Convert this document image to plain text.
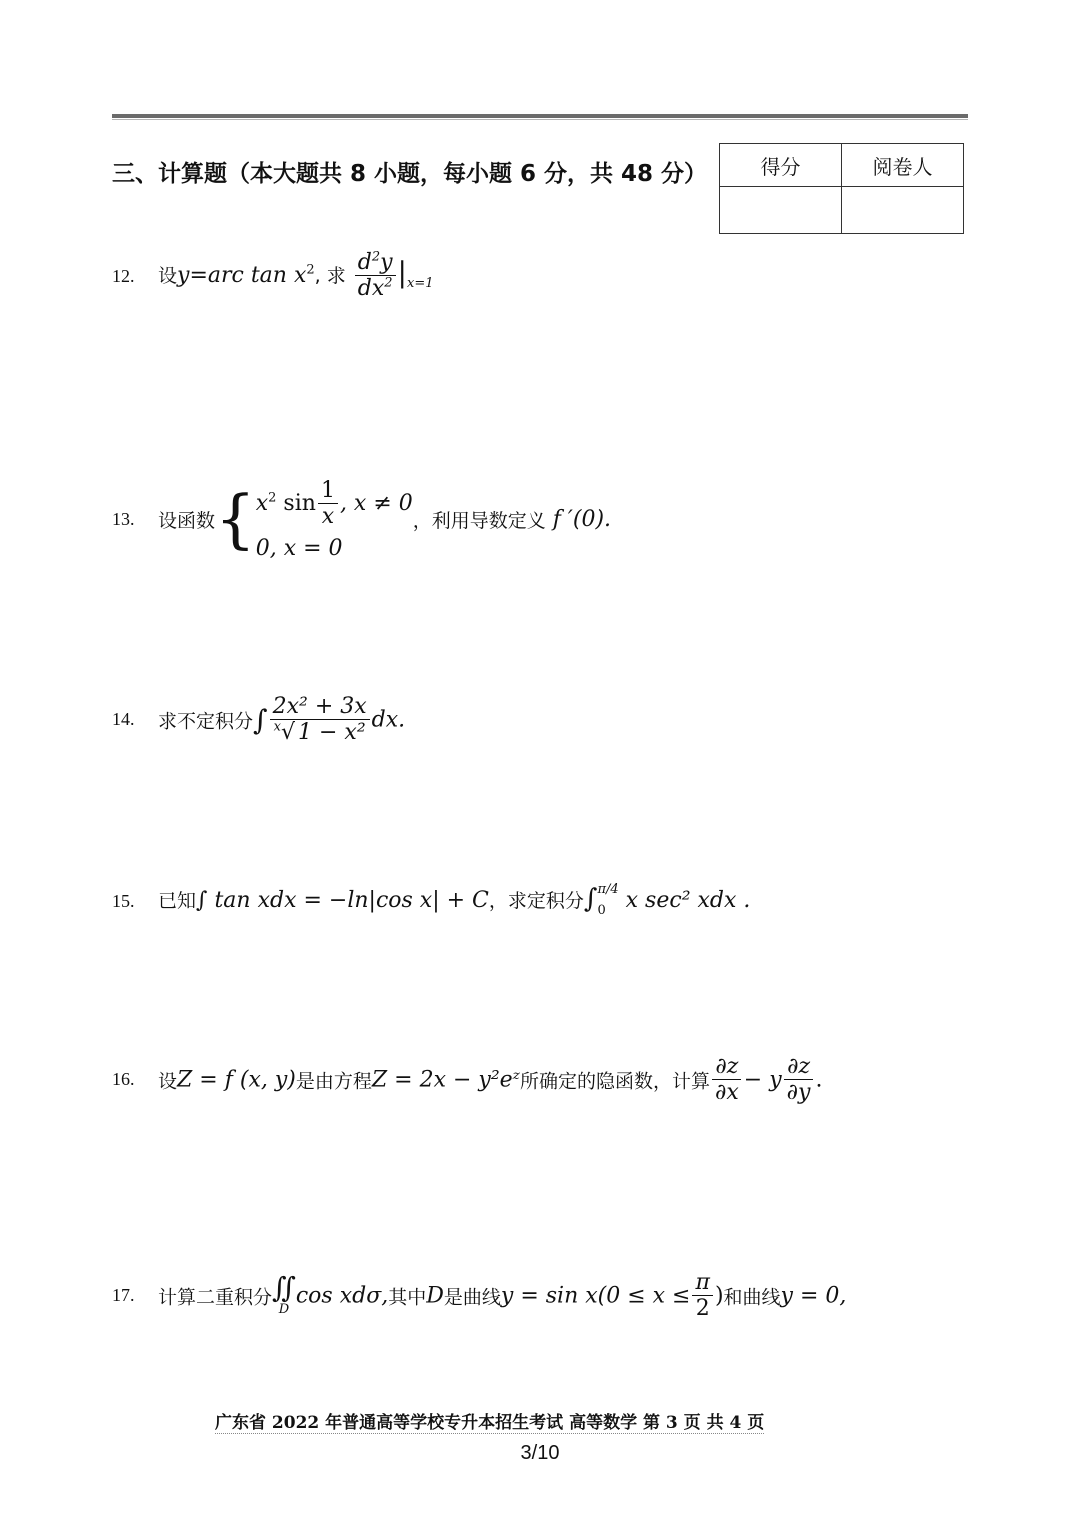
三、计算题（本大题共 8 小题，每小题 6 分，共 48 分）	得分	阅卷人

12. 设y=arc $\tan x^2$, 求 $\frac{d^2y}{dx^2} |_{x=1}$
13. 设函数{ $x^2$ $\sin \frac{1}{x}$ , x ≠ 0
0, x = 0
，利用导数定义 f ′(0).
14. 求不定积分∫ $\frac{\text{2x² + 3x}}{^x√ 1 - x^2}$ dx.
15. 已知∫ tan xdx = −ln|cos x| + C，求定积分∫ π/4
0 x sec² xdx .
16. 设Z = f (x, y)是由方程Z = 2x − y²eᶻ所确定的隐函数，计算 $\frac{\partial z}{\partial x} - y \frac{\partial z}{\partial y}$ .
17. 计算二重积分 ∬
D
cos xdσ,其中D是曲线$y = \sin x(0 \le x \le \frac{\pi}{2}$ )和曲线y = 0,
广东省 2022 年普通高等学校专升本招生考试 高等数学 第 3 页 共 4 页
3/10
